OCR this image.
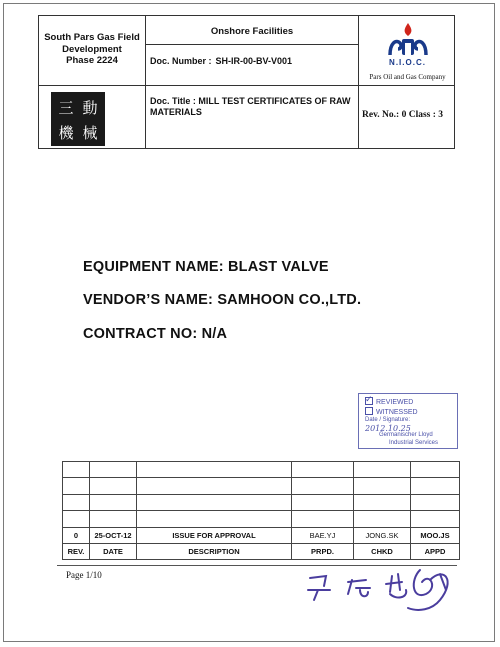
South Pars Gas Field
Development
Phase 2224
Onshore Facilities
Doc. Number : SH-IR-00-BV-V001	N.I.O.C.
Pars Oil and Gas Company
三 動
機 械
Doc. Title : MILL TEST CERTIFICATES OF RAW MATERIALS	Rev. No.: 0 Class : 3
EQUIPMENT NAME: BLAST VALVE
VENDOR’S NAME: SAMHOON CO.,LTD.
CONTRACT NO: N/A
✓REVIEWED
WITNESSED
Date / Signature:
2012.10.25
Germanischer Lloyd
Industrial Services

0	25-OCT-12	ISSUE FOR APPROVAL	BAE.YJ	JONG.SK	MOO.JS
REV.	DATE	DESCRIPTION	PRPD.	CHKD	APPD
Page 1/10
